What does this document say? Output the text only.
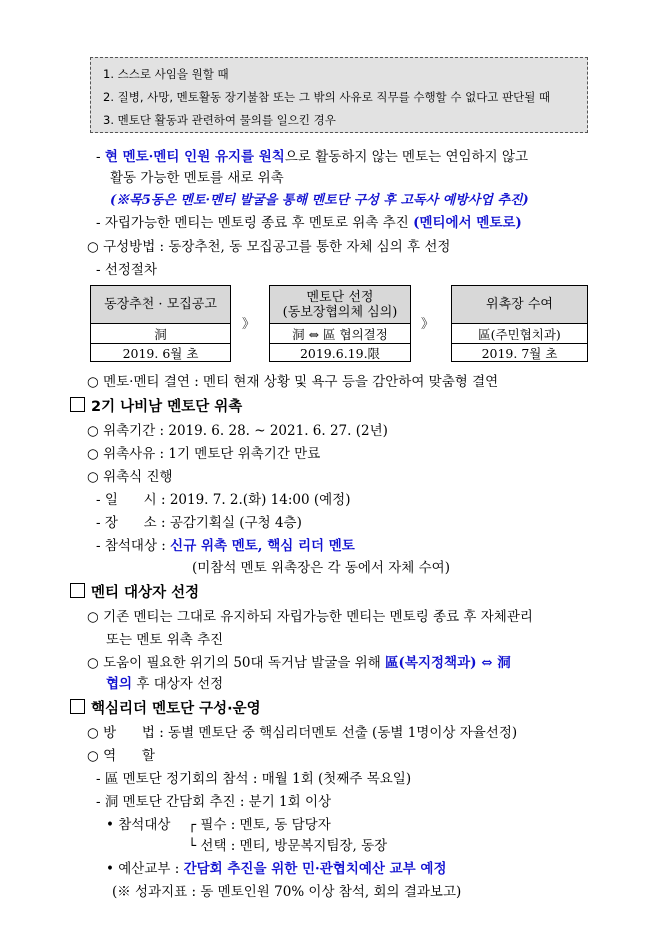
1. 스스로 사임을 원할 때
2. 질병, 사망, 멘토활동 장기불참 또는 그 밖의 사유로 직무를 수행할 수 없다고 판단될 때
3. 멘토단 활동과 관련하여 물의를 일으킨 경우
- 현 멘토·멘티 인원 유지를 원칙으로 활동하지 않는 멘토는 연임하지 않고
활동 가능한 멘토를 새로 위촉
(※목5동은 멘토·멘티 발굴을 통해 멘토단 구성 후 고독사 예방사업 추진)
- 자립가능한 멘티는 멘토링 종료 후 멘토로 위촉 추진 (멘티에서 멘토로)
○ 구성방법 : 동장추천, 동 모집공고를 통한 자체 심의 후 선정
- 선정절차
동장추천 · 모집공고
洞
2019. 6월 초
》
멘토단 선정
(동보장협의체 심의)
洞 ⇔ 區 협의결정
2019.6.19.限
》
위촉장 수여
區(주민협치과)
2019. 7월 초
○ 멘토·멘티 결연 : 멘티 현재 상황 및 욕구 등을 감안하여 맞춤형 결연
2기 나비남 멘토단 위촉
○ 위촉기간 : 2019. 6. 28. ~ 2021. 6. 27. (2년)
○ 위촉사유 : 1기 멘토단 위촉기간 만료
○ 위촉식 진행
- 일      시 : 2019. 7. 2.(화) 14:00 (예정)
- 장      소 : 공감기획실 (구청 4층)
- 참석대상 : 신규 위촉 멘토, 핵심 리더 멘토
(미참석 멘토 위촉장은 각 동에서 자체 수여)
멘티 대상자 선정
○ 기존 멘티는 그대로 유지하되 자립가능한 멘티는 멘토링 종료 후 자체관리
또는 멘토 위촉 추진
○ 도움이 필요한 위기의 50대 독거남 발굴을 위해 區(복지정책과) ⇔ 洞
협의 후 대상자 선정
핵심리더 멘토단 구성·운영
○ 방      법 : 동별 멘토단 중 핵심리더멘토 선출 (동별 1명이상 자율선정)
○ 역      할
- 區 멘토단 정기회의 참석 : 매월 1회 (첫째주 목요일)
- 洞 멘토단 간담회 추진 : 분기 1회 이상
• 참석대상 ┌ 필수 : 멘토, 동 담당자
└ 선택 : 멘티, 방문복지팀장, 동장
• 예산교부 : 간담회 추진을 위한 민·관협치예산 교부 예정
(※ 성과지표 : 동 멘토인원 70% 이상 참석, 회의 결과보고)
